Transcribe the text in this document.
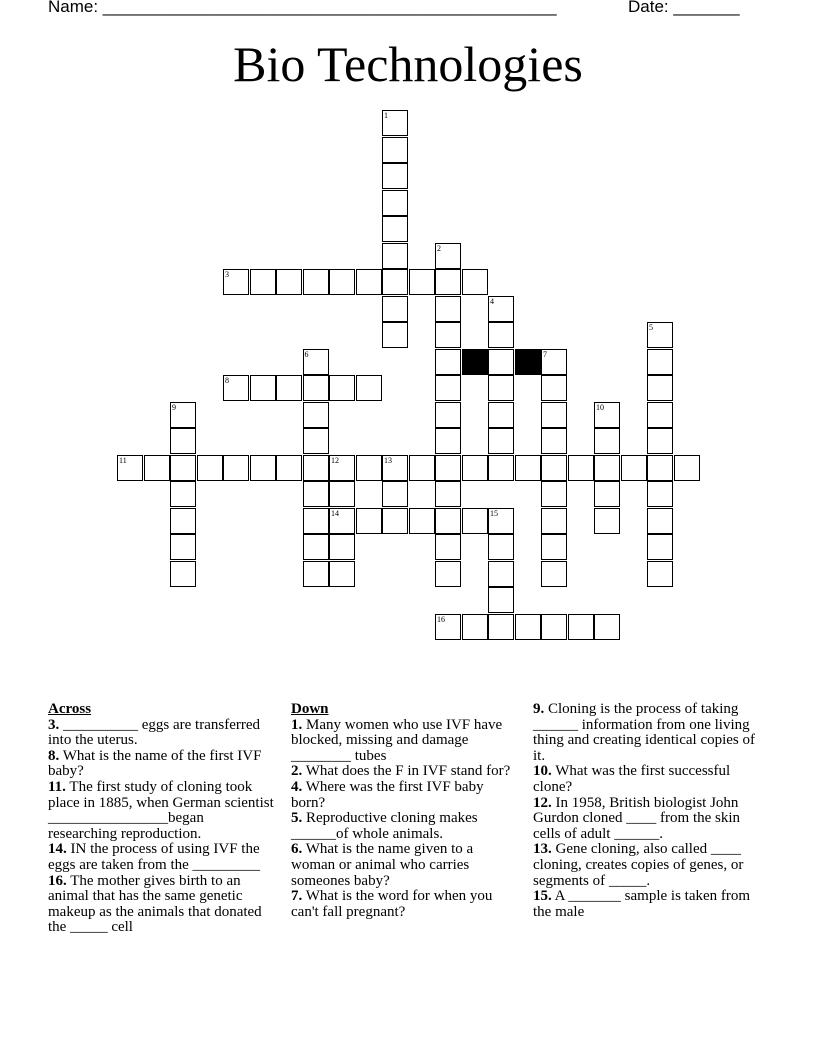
Name: ________________________________________________	Date: _______
Bio Technologies
1
2
3
4
5
6	7
8
9	10
11	12	13
14	15
16
Across
3. __________ eggs are transferred into the uterus.
8. What is the name of the first IVF baby?
11. The first study of cloning took place in 1885, when German scientist ________________began researching reproduction.
14. IN the process of using IVF the eggs are taken from the _________
16. The mother gives birth to an animal that has the same genetic makeup as the animals that donated the _____ cell
Down
1. Many women who use IVF have blocked, missing and damage ________ tubes
2. What does the F in IVF stand for?
4. Where was the first IVF baby born?
5. Reproductive cloning makes ______of whole animals.
6. What is the name given to a woman or animal who carries someones baby?
7. What is the word for when you can't fall pregnant?
9. Cloning is the process of taking ______ information from one living thing and creating identical copies of it.
10. What was the first successful clone?
12. In 1958, British biologist John Gurdon cloned ____ from the skin cells of adult ______.
13. Gene cloning, also called ____ cloning, creates copies of genes, or segments of _____.
15. A _______ sample is taken from the male
